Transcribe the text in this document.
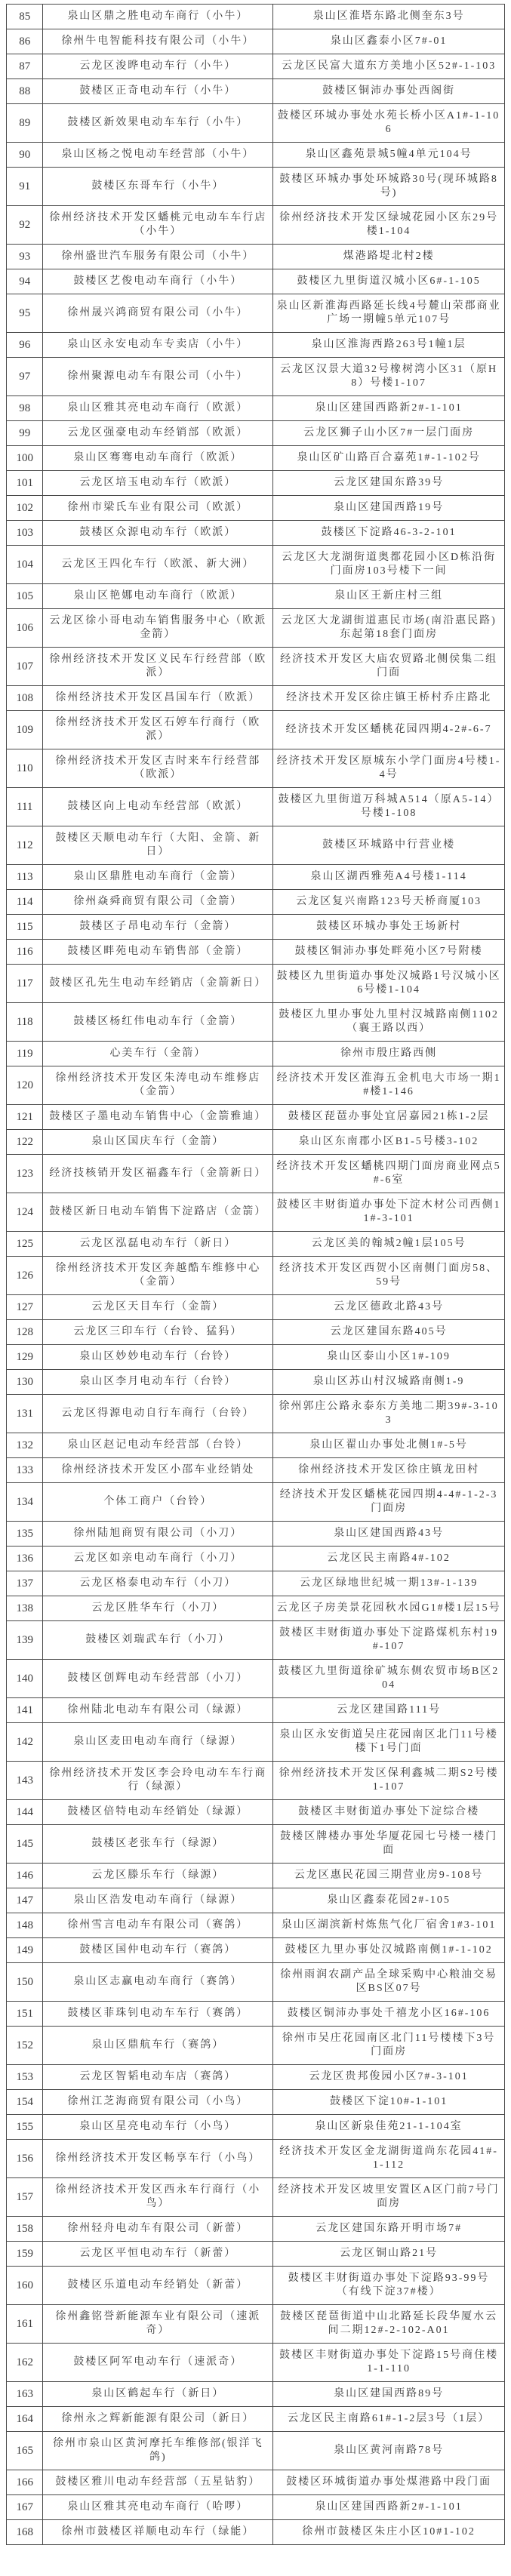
85	泉山区鼎之胜电动车商行（小牛）	泉山区淮塔东路北侧奎东3号
86	徐州牛电智能科技有限公司（小牛）	泉山区鑫泰小区7#-01
87	云龙区浚晔电动车行（小牛）	云龙区民富大道东方美地小区52#-1-103
88	鼓楼区正奇电动车行（小牛）	鼓楼区铜沛办事处西阁街
89	鼓楼区新效果电动车车行（小牛）	鼓楼区环城办事处水苑长桥小区A1#-1-106
90	泉山区杨之悦电动车经营部（小牛）	泉山区鑫苑景城5幢4单元104号
91	鼓楼区东哥车行（小牛）	鼓楼区环城办事处环城路30号(现环城路8号)
92	徐州经济技术开发区蟠桃元电动车车行店 （小牛）	徐州经济技术开发区绿城花园小区东29号楼1-104
93	徐州盛世汽车服务有限公司（小牛）	煤港路堤北村2楼
94	鼓楼区艺俊电动车商行（小牛）	鼓楼区九里街道汉城小区6#-1-105
95	徐州晟兴鸿商贸有限公司（小牛）	泉山区新淮海西路延长线4号麓山荣郡商业广场一期幢5单元107号
96	泉山区永安电动车专卖店（小牛）	泉山区淮海西路263号1幢1层
97	徐州聚源电动车有限公司（小牛）	云龙区汉景大道32号橡树湾小区31（原H8）号楼1-107
98	泉山区雅其亮电动车商行（欧派）	泉山区建国西路新2#-1-101
99	云龙区强豪电动车经销部（欧派）	云龙区狮子山小区7#一层门面房
100	泉山区骞骞电动车商行（欧派）	泉山区矿山路百合嘉苑1#-1-102号
101	云龙区培玉电动车行（欧派）	云龙区建国东路39号
102	徐州市梁氏车业有限公司（欧派）	泉山区建国西路19号
103	鼓楼区众源电动车行（欧派）	鼓楼区下淀路46-3-2-101
104	云龙区王四化车行（欧派、新大洲）	云龙区大龙湖街道奥都花园小区D栋沿街门面房103号楼下一间
105	泉山区艳娜电动车商行（欧派）	泉山区王新庄村三组
106	云龙区徐小哥电动车销售服务中心（欧派金箭）	云龙区大龙湖街道惠民市场(南沿惠民路)东起第18套门面房
107	徐州经济技术开发区义民车行经营部（欧派）	经济技术开发区大庙农贸路北侧侯集二组门面
108	徐州经济技术开发区昌国车行（欧派）	经济技术开发区徐庄镇王桥村乔庄路北
109	徐州经济技术开发区石婷车行商行（欧派）	经济技术开发区蟠桃花园四期4-2#-6-7
110	徐州经济技术开发区吉时来车行经营部（欧派）	经济技术开发区原城东小学门面房4号楼1-4号
111	鼓楼区向上电动车经营部（欧派）	鼓楼区九里街道万科城A514（原A5-14）号楼1-108
112	鼓楼区天顺电动车行（大阳、金箭、新日）	鼓楼区环城路中行营业楼
113	泉山区鼎胜电动车商行（金箭）	泉山区湖西雅苑A4号楼1-114
114	徐州焱舜商贸有限公司（金箭）	云龙区复兴南路123号天桥商厦103
115	鼓楼区子昂电动车行（金箭）	鼓楼区环城办事处王场新村
116	鼓楼区畔苑电动车销售部（金箭）	鼓楼区铜沛办事处畔苑小区7号附楼
117	鼓楼区孔先生电动车经销店（金箭新日）	鼓楼区九里街道办事处汉城路1号汉城小区6号楼1-104
118	鼓楼区杨红伟电动车行（金箭）	鼓楼区九里办事处九里村汉城路南侧1102（襄王路以西）
119	心美车行（金箭）	徐州市殷庄路西侧
120	徐州经济技术开发区朱涛电动车维修店（金箭）	经济技术开发区淮海五金机电大市场一期1#楼1-146
121	鼓楼区子墨电动车销售中心（金箭雅迪）	鼓楼区琵琶办事处宜居嘉园21栋1-2层
122	泉山区国庆车行（金箭）	泉山区东南郡小区B1-5号楼3-102
123	经济技核销开发区福鑫车行（金箭新日）	经济技术开发区蟠桃四期门面房商业网点5#-6室
124	鼓楼区新日电动车销售下淀路店（金箭）	鼓楼区丰财街道办事处下淀木材公司西侧11#-3-101
125	云龙区泓磊电动车行（新日）	云龙区美的翰城2幢1层105号
126	徐州经济技术开发区奔越酷车维修中心（金箭）	经济技术开发区西贺小区南侧门面房58、59号
127	云龙区天目车行（金箭）	云龙区德政北路43号
128	云龙区三印车行（台铃、猛犸）	云龙区建国东路405号
129	泉山区妙妙电动车行（台铃）	泉山区泰山小区1#-109
130	泉山区李月电动车行（台铃）	泉山区苏山村汉城路南侧1-9
131	云龙区得源电动自行车商行（台铃）	徐州郭庄公路永泰东方美地二期39#-3-103
132	泉山区赵记电动车经营部（台铃）	泉山区翟山办事处北侧1#-5号
133	徐州经济技术开发区小邵车业经销处	徐州经济技术开发区徐庄镇龙田村
134	个体工商户（台铃）	经济技术开发区蟠桃花园四期4-4#-1-2-3门面房
135	徐州陆旭商贸有限公司（小刀）	泉山区建国西路43号
136	云龙区如亲电动车商行（小刀）	云龙区民主南路4#-102
137	云龙区格泰电动车行（小刀）	云龙区绿地世纪城一期13#-1-139
138	云龙区胜华车行（小刀）	云龙区子房美景花园秋水园G1#楼1层15号
139	鼓楼区刘瑞武车行（小刀）	鼓楼区丰财街道办事处下淀路煤机东村19#-107
140	鼓楼区创辉电动车经营部（小刀）	鼓楼区九里街道徐矿城东侧农贸市场B区204
141	徐州陆北电动车有限公司（绿源）	云龙区建国路111号
142	泉山区麦田电动车商行（绿源）	泉山区永安街道吴庄花园南区北门11号楼楼下1号门面
143	徐州经济技术开发区李会玲电动车车行商行（绿源）	徐州经济技术开发区保利鑫城二期S2号楼1-107
144	鼓楼区倍特电动车经销处（绿源）	鼓楼区丰财街道办事处下淀综合楼
145	鼓楼区老张车行（绿源）	鼓楼区牌楼办事处华厦花园七号楼一楼门面
146	云龙区滕乐车行（绿源）	云龙区惠民花园三期营业房9-108号
147	泉山区浩发电动车商行（绿源）	泉山区鑫泰花园2#-105
148	徐州雪言电动车有限公司（赛鸽）	泉山区湖滨新村炼焦气化厂宿舍1#3-101
149	鼓楼区国仲电动车行（赛鸽）	鼓楼区九里办事处汉城路南侧1#-1-102
150	泉山区志赢电动车商行（赛鸽）	徐州雨润农副产品全球采购中心粮油交易区BS区07号
151	鼓楼区菲珠钊电动车车行（赛鸽）	鼓楼区铜沛办事处千禧龙小区16#-106
152	泉山区鼎航车行（赛鸽）	徐州市吴庄花园南区北门11号楼楼下3号门面房
153	云龙区智韬电动车店（赛鸽）	云龙区贵邦俊园小区7#-3-101
154	徐州江芝海商贸有限公司（小鸟）	鼓楼区下淀10#-1-101
155	泉山区星亮电动车行（小鸟）	泉山区新泉佳苑21-1-104室
156	徐州经济技术开发区畅享车行（小鸟）	经济技术开发区金龙湖街道尚东花园41#-1-112
157	徐州经济技术开发区西永车行商行（小鸟）	经济技术开发区坡里安置区A区门前7号门面房
158	徐州轻舟电动车有限公司（新蕾）	云龙区建国东路开明市场7#
159	云龙区平恒电动车行（新蕾）	云龙区铜山路21号
160	鼓楼区乐道电动车经销处（新蕾）	鼓楼区丰财街道办事处下淀路93-99号（有线下淀37#楼）
161	徐州鑫铭誉新能源车业有限公司（速派奇）	鼓楼区琵琶街道中山北路延长段华厦水云间二期12#-2-102-A01
162	鼓楼区阿军电动车行（速派奇）	鼓楼区丰财街道办事处下淀路15号商住楼1-1-110
163	泉山区鹤起车行（新日）	泉山区建国西路89号
164	徐州永之辉新能源有限公司（新日）	云龙区民主南路61#-1-2层3号（1层）
165	徐州市泉山区黄河摩托车维修部(银洋飞鸽)	泉山区黄河南路78号
166	鼓楼区雅川电动车经营部（五星钻豹）	鼓楼区环城街道办事处煤港路中段门面
167	泉山区雅其亮电动车商行（哈啰）	泉山区建国西路新2#-1-101
168	徐州市鼓楼区祥顺电动车行（绿能）	徐州市鼓楼区朱庄小区10#1-102
